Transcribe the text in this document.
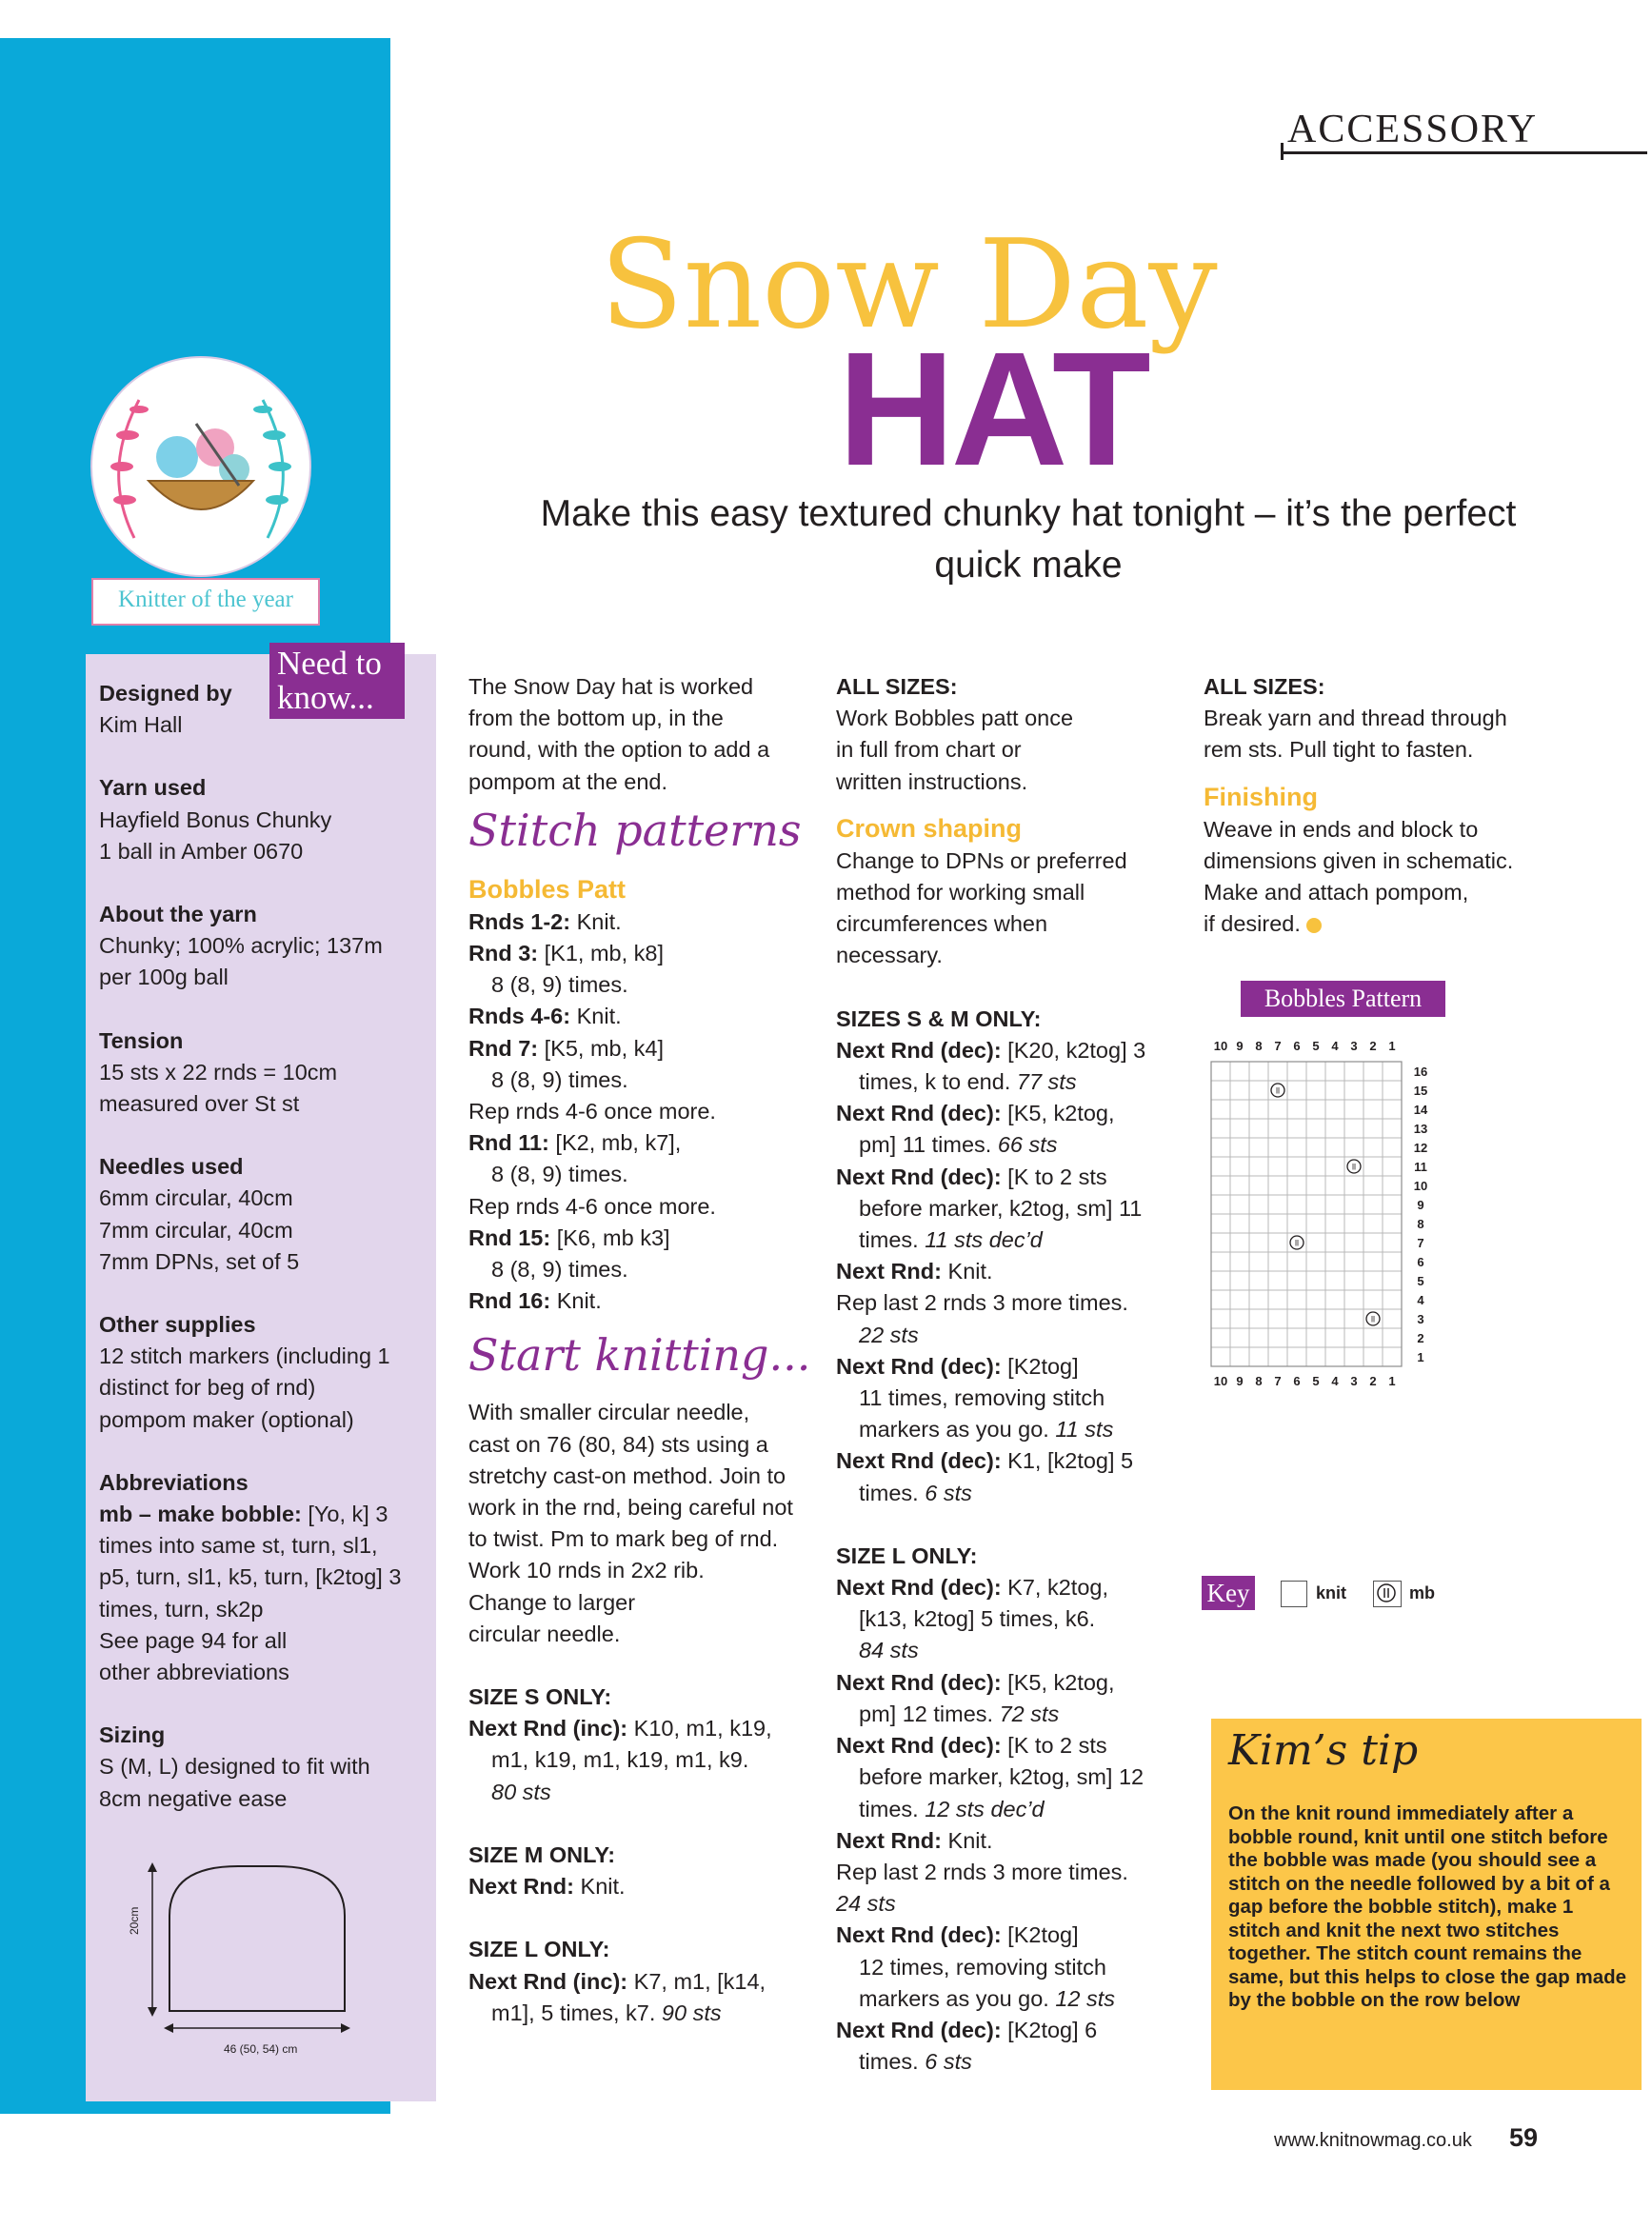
Designed by
Kim Hall
Yarn used
Hayfield Bonus Chunky
1 ball in Amber 0670
About the yarn
Chunky; 100% acrylic; 137m
per 100g ball
Tension
15 sts x 22 rnds = 10cm
measured over St st
Needles used
6mm circular, 40cm
7mm circular, 40cm
7mm DPNs, set of 5
Other supplies
12 stitch markers (including 1
distinct for beg of rnd)
pompom maker (optional)
Abbreviations
mb – make bobble: [Yo, k] 3
times into same st, turn, sl1,
p5, turn, sl1, k5, turn, [k2tog] 3
times, turn, sk2p
See page 94 for all
other abbreviations
Sizing
S (M, L) designed to fit with
8cm negative ease
20cm
46 (50, 54) cm
Need to know...
Knitter of the year
ACCESSORY
Snow Day
HAT
Make this easy textured chunky hat tonight – it’s the perfect
quick make

The Snow Day hat is worked

from the bottom up, in the

round, with the option to add a

pompom at the end.

Stitch patterns
Bobbles Patt

Rnds 1-2: Knit.

Rnd 3: [K1, mb, k8]

8 (8, 9) times.

Rnds 4-6: Knit.

Rnd 7: [K5, mb, k4]

8 (8, 9) times.

Rep rnds 4-6 once more.

Rnd 11: [K2, mb, k7],

8 (8, 9) times.

Rep rnds 4-6 once more.

Rnd 15: [K6, mb k3]

8 (8, 9) times.

Rnd 16: Knit.

Start knitting...

With smaller circular needle,

cast on 76 (80, 84) sts using a

stretchy cast-on method. Join to

work in the rnd, being careful not

to twist. Pm to mark beg of rnd.

Work 10 rnds in 2x2 rib.

Change to larger

circular needle.

SIZE S ONLY:

Next Rnd (inc): K10, m1, k19,

m1, k19, m1, k19, m1, k9.

80 sts

SIZE M ONLY:

Next Rnd: Knit.

SIZE L ONLY:

Next Rnd (inc): K7, m1, [k14,

m1], 5 times, k7. 90 sts

ALL SIZES:

Work Bobbles patt once

in full from chart or

written instructions.

Crown shaping

Change to DPNs or preferred

method for working small

circumferences when

necessary.

SIZES S & M ONLY:

Next Rnd (dec): [K20, k2tog] 3

times, k to end. 77 sts

Next Rnd (dec): [K5, k2tog,

pm] 11 times. 66 sts

Next Rnd (dec): [K to 2 sts

before marker, k2tog, sm] 11

times. 11 sts dec’d

Next Rnd: Knit.

Rep last 2 rnds 3 more times.

22 sts

Next Rnd (dec): [K2tog]

11 times, removing stitch

markers as you go. 11 sts

Next Rnd (dec): K1, [k2tog] 5

times. 6 sts

SIZE L ONLY:

Next Rnd (dec): K7, k2tog,

[k13, k2tog] 5 times, k6.

84 sts

Next Rnd (dec): [K5, k2tog,

pm] 12 times. 72 sts

Next Rnd (dec): [K to 2 sts

before marker, k2tog, sm] 12

times. 12 sts dec’d

Next Rnd: Knit.

Rep last 2 rnds 3 more times.

24 sts

Next Rnd (dec): [K2tog]

12 times, removing stitch

markers as you go. 12 sts

Next Rnd (dec): [K2tog] 6

times. 6 sts

ALL SIZES:

Break yarn and thread through

rem sts. Pull tight to fasten.

Finishing

Weave in ends and block to

dimensions given in schematic.

Make and attach pompom,

if desired.

Bobbles Pattern
10
10
9
9
8
8
7
7
6
6
5
5
4
4
3
3
2
2
1
1
16
15
14
13
12
11
10
9
8
7
6
5
4
3
2
1
ll
ll
ll
ll
Key	knit	mb
Kim’s tip
On the knit round immediately after a bobble round, knit until one stitch before the bobble was made (you should see a stitch on the needle followed by a bit of a gap before the bobble stitch), make 1 stitch and knit the next two stitches together. The stitch count remains the same, but this helps to close the gap made by the bobble on the row below
www.knitnowmag.co.uk 59
